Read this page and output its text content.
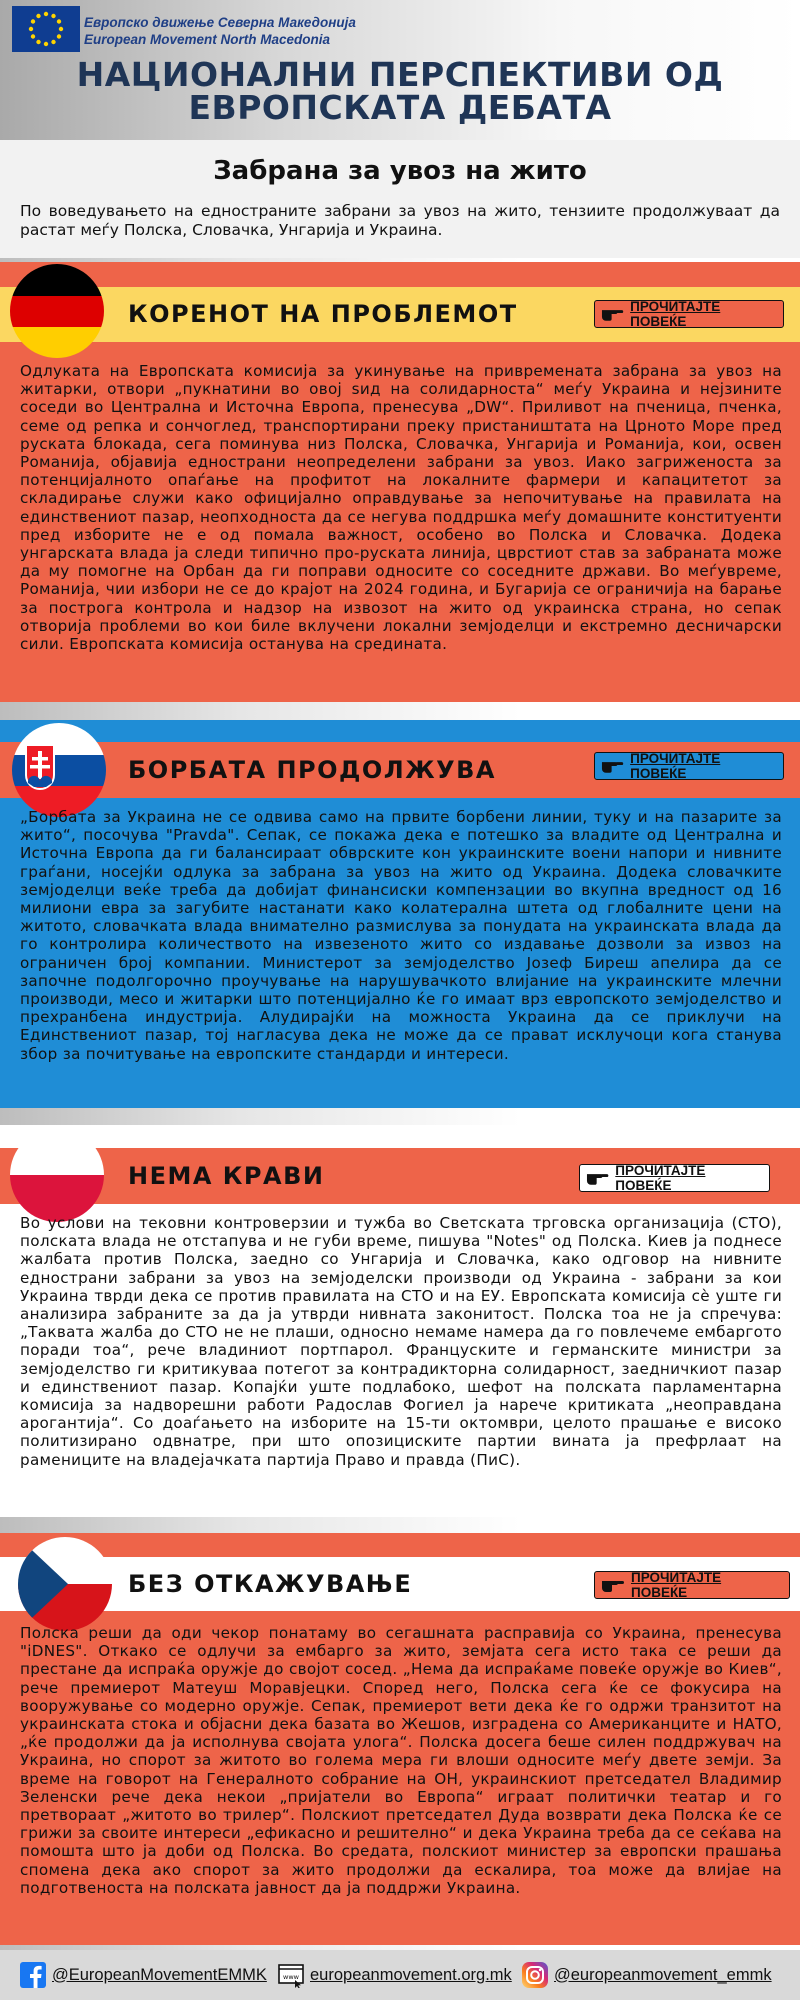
Европско движење Северна Македонија
European Movement North Macedonia
НАЦИОНАЛНИ ПЕРСПЕКТИВИ ОД
ЕВРОПСКАТА ДЕБАТА
Забрана за увоз на жито
По воведувањето на едностраните забрани за увоз на жито, тензиите продолжуваат да растат меѓу Полска, Словачка, Унгарија и Украина.
КОРЕНОТ НА ПРОБЛЕМОТ	ПРОЧИТАЈТЕ ПОВЕЌЕ
Одлуката на Европската комисија за укинување на привремената забрана за увоз на житарки, отвори „пукнатини во овој ѕид на солидарноста“ меѓу Украина и нејзините соседи во Централна и Источна Европа, пренесува „DW“. Приливот на пченица, пченка, семе од репка и сончоглед, транспортирани преку пристаништата на Црното Море пред руската блокада, сега поминува низ Полска, Словачка, Унгарија и Романија, кои, освен Романија, објавија еднострани неопределени забрани за увоз. Иако загриженоста за потенцијалното опаѓање на профитот на локалните фармери и капацитетот за складирање служи како официјално оправдување за непочитување на правилата на единствениот пазар, неопходноста да се негува поддршка меѓу домашните конституенти пред изборите не е од помала важност, особено во Полска и Словачка. Додека унгарската влада ја следи типично про-руската линија, цврстиот став за забраната може да му помогне на Орбан да ги поправи односите со соседните држави. Во меѓувреме, Романија, чии избори не се до крајот на 2024 година, и Бугарија се ограничија на барање за построга контрола и надзор на извозот на жито од украинска страна, но сепак отворија проблеми во кои биле вклучени локални земјоделци и екстремно десничарски сили. Европската комисија останува на средината.
БОРБАТА ПРОДОЛЖУВА	ПРОЧИТАЈТЕ ПОВЕЌЕ
„Борбата за Украина не се одвива само на првите борбени линии, туку и на пазарите за жито“, посочува "Pravda". Сепак, се покажа дека е потешко за владите од Централна и Источна Европа да ги балансираат обврските кон украинските воени напори и нивните граѓани, носејќи одлука за забрана за увоз на жито од Украина. Додека словачките земјоделци веќе треба да добијат финансиски компензации во вкупна вредност од 16 милиони евра за загубите настанати како колатерална штета од глобалните цени на житото, словачката влада внимателно размислува за понудата на украинската влада да го контролира количеството на извезеното жито со издавање дозволи за извоз на ограничен број компании. Министерот за земјоделство Јозеф Биреш апелира да се започне подолгорочно проучување на нарушувачкото влијание на украинските млечни производи, месо и житарки што потенцијално ќе го имаат врз европското земјоделство и прехранбена индустрија. Алудирајќи на можноста Украина да се приклучи на Единствениот пазар, тој нагласува дека не може да се прават исклучоци кога станува збор за почитување на европските стандарди и интереси.
НЕМА КРАВИ	ПРОЧИТАЈТЕ ПОВЕЌЕ
Во услови на тековни контроверзии и тужба во Светската трговска организација (СТО), полската влада не отстапува и не губи време, пишува "Notes" од Полска. Киев ја поднесе жалбата против Полска, заедно со Унгарија и Словачка, како одговор на нивните еднострани забрани за увоз на земјоделски производи од Украина - забрани за кои Украина тврди дека се против правилата на СТО и на ЕУ. Европската комисија сè уште ги анализира забраните за да ја утврди нивната законитост. Полска тоа не ја спречува: „Таквата жалба до СТО не не плаши, односно немаме намера да го повлечеме ембаргото поради тоа“, рече владиниот портпарол. Француските и германските министри за земјоделство ги критикуваа потегот за контрадикторна солидарност, заедничкиот пазар и единствениот пазар. Копајќи уште подлабоко, шефот на полската парламентарна комисија за надворешни работи Радослав Фогиел ја нарече критиката „неоправдана арогантија“. Со доаѓањето на изборите на 15-ти октомври, целото прашање е високо политизирано одвнатре, при што опозициските партии вината ја префрлаат на рамениците на владејачката партија Право и правда (ПиС).
БЕЗ ОТКАЖУВАЊЕ	ПРОЧИТАЈТЕ ПОВЕЌЕ
Полска реши да оди чекор понатаму во сегашната расправија со Украина, пренесува "iDNES". Откако се одлучи за ембарго за жито, земјата сега исто така се реши да престане да испраќа оружје до својот сосед. „Нема да испраќаме повеќе оружје во Киев“, рече премиерот Матеуш Моравјецки. Според него, Полска сега ќе се фокусира на вооружување со модерно оружје. Сепак, премиерот вети дека ќе го одржи транзитот на украинската стока и објасни дека базата во Жешов, изградена со Американците и НАТО, „ќе продолжи да ја исполнува својата улога“. Полска досега беше силен поддржувач на Украина, но спорот за житото во голема мера ги влоши односите меѓу двете земји. За време на говорот на Генералното собрание на ОН, украинскиот претседател Владимир Зеленски рече дека некои „пријатели во Европа“ играат политички театар и го претвораат „житото во трилер“. Полскиот претседател Дуда возврати дека Полска ќе се грижи за своите интереси „ефикасно и решително“ и дека Украина треба да се сеќава на помошта што ја доби од Полска. Во средата, полскиот министер за европски прашања спомена дека ако спорот за жито продолжи да ескалира, тоа може да влијае на подготвеноста на полската јавност да ја поддржи Украина.
@EuropeanMovementEMMK www europeanmovement.org.mk	@europeanmovement_emmk
